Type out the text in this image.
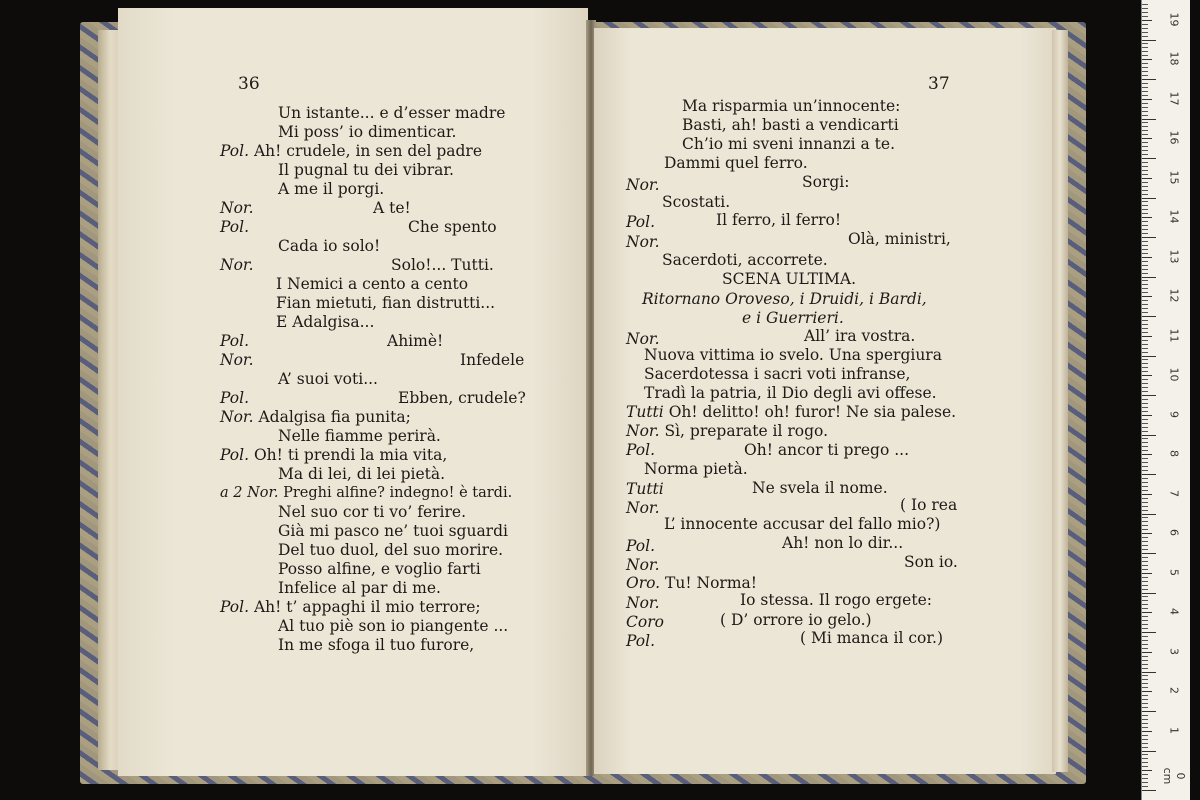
36
Un istante... e d’esser madre
Mi poss’ io dimenticar.
Pol. Ah! crudele, in sen del padre
Il pugnal tu dei vibrar.
A me il porgi.
Nor.	A te!
Pol.	Che spento
Cada io solo!
Nor.	Solo!... Tutti.
I Nemici a cento a cento
Fian mietuti, fian distrutti...
E Adalgisa...
Pol.	Ahimè!
Nor.	Infedele
A’ suoi voti...
Pol.	Ebben, crudele?
Nor. Adalgisa fia punita;
Nelle fiamme perirà.
Pol. Oh! ti prendi la mia vita,
Ma di lei, di lei pietà.
a 2 Nor. Preghi alfine? indegno! è tardi.
Nel suo cor ti vo’ ferire.
Già mi pasco ne’ tuoi sguardi
Del tuo duol, del suo morire.
Posso alfine, e voglio farti
Infelice al par di me.
Pol. Ah! t’ appaghi il mio terrore;
Al tuo piè son io piangente ...
In me sfoga il tuo furore,
37
Ma risparmia un’innocente:
Basti, ah! basti a vendicarti
Ch’io mi sveni innanzi a te.
Dammi quel ferro.
Nor.	Sorgi:
Scostati.
Pol.	Il ferro, il ferro!
Nor.	Olà, ministri,
Sacerdoti, accorrete.
SCENA ULTIMA.
Ritornano Oroveso, i Druidi, i Bardi,
e i Guerrieri.
Nor.	All’ ira vostra.
Nuova vittima io svelo. Una spergiura
Sacerdotessa i sacri voti infranse,
Tradì la patria, il Dio degli avi offese.
Tutti Oh! delitto! oh! furor! Ne sia palese.
Nor. Sì, preparate il rogo.
Pol.	Oh! ancor ti prego ...
Norma pietà.
Tutti	Ne svela il nome.
Nor.	( Io rea
L’ innocente accusar del fallo mio?)
Pol.	Ah! non lo dir...
Nor.	Son io.
Oro. Tu! Norma!
Nor.	Io stessa. Il rogo ergete:
Coro	( D’ orrore io gelo.)
Pol.	( Mi manca il cor.)
0 cm
1
2
3
4
5
6
7
8
9
10
11
12
13
14
15
16
17
18
19
